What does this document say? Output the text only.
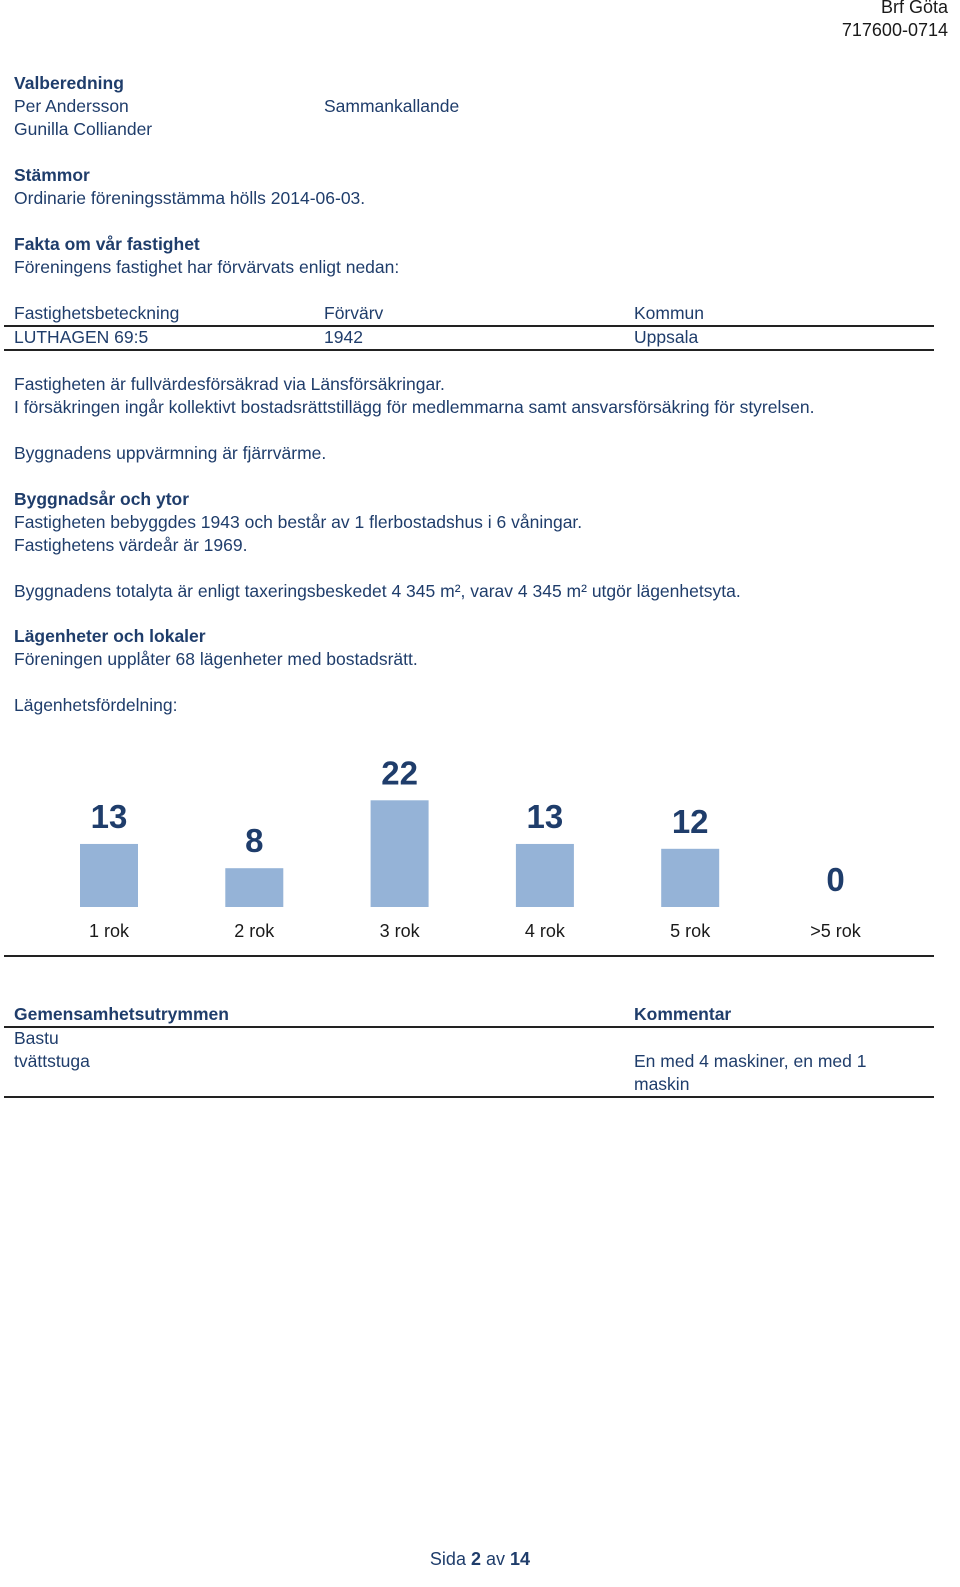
Brf Göta
717600-0714
Valberedning
Per Andersson	Sammankallande
Gunilla Colliander
Stämmor
Ordinarie föreningsstämma hölls 2014-06-03.
Fakta om vår fastighet
Föreningens fastighet har förvärvats enligt nedan:
Fastighetsbeteckning	Förvärv	Kommun
LUTHAGEN 69:5	1942	Uppsala
Fastigheten är fullvärdesförsäkrad via Länsförsäkringar.
I försäkringen ingår kollektivt bostadsrättstillägg för medlemmarna samt ansvarsförsäkring för styrelsen.
Byggnadens uppvärmning är fjärrvärme.
Byggnadsår och ytor
Fastigheten bebyggdes 1943 och består av 1 flerbostadshus i 6 våningar.
Fastighetens värdeår är 1969.
Byggnadens totalyta är enligt taxeringsbeskedet 4 345 m², varav 4 345 m² utgör lägenhetsyta.
Lägenheter och lokaler
Föreningen upplåter 68 lägenheter med bostadsrätt.
Lägenhetsfördelning:
13
1 rok
8
2 rok
22
3 rok
13
4 rok
12
5 rok
0
>5 rok
Gemensamhetsutrymmen	Kommentar
Bastu
tvättstuga	En med 4 maskiner, en med 1 maskin
Sida 2 av 14
